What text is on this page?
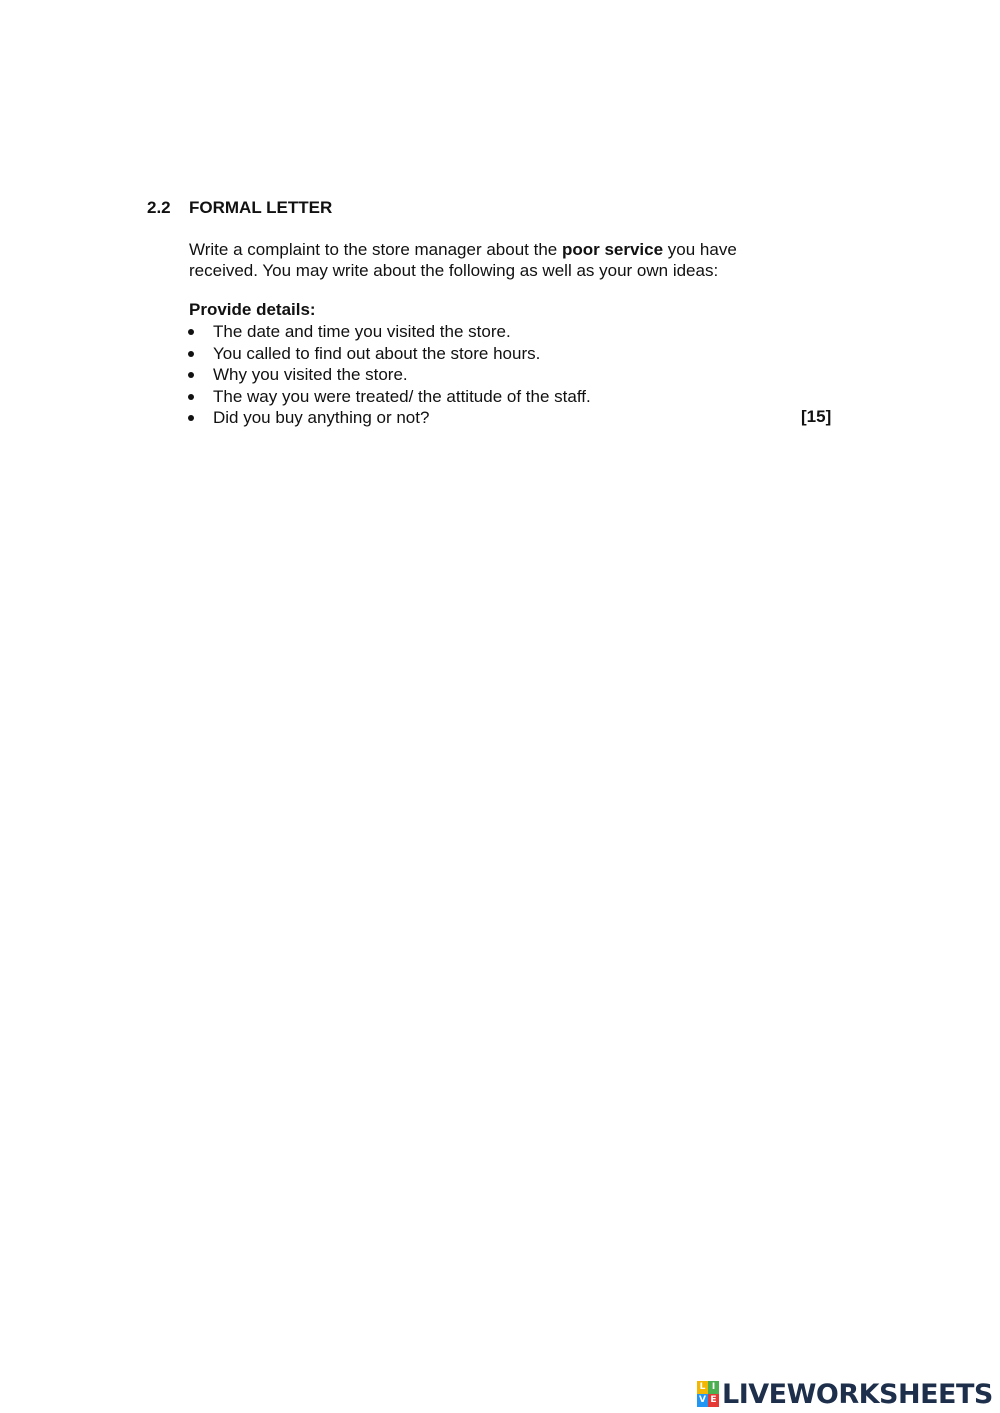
2.2 FORMAL LETTER
Write a complaint to the store manager about the poor service you have received. You may write about the following as well as your own ideas:
Provide details:
The date and time you visited the store.
You called to find out about the store hours.
Why you visited the store.
The way you were treated/ the attitude of the staff.
Did you buy anything or not?	[15]
L I
V E LIVEWORKSHEETS
